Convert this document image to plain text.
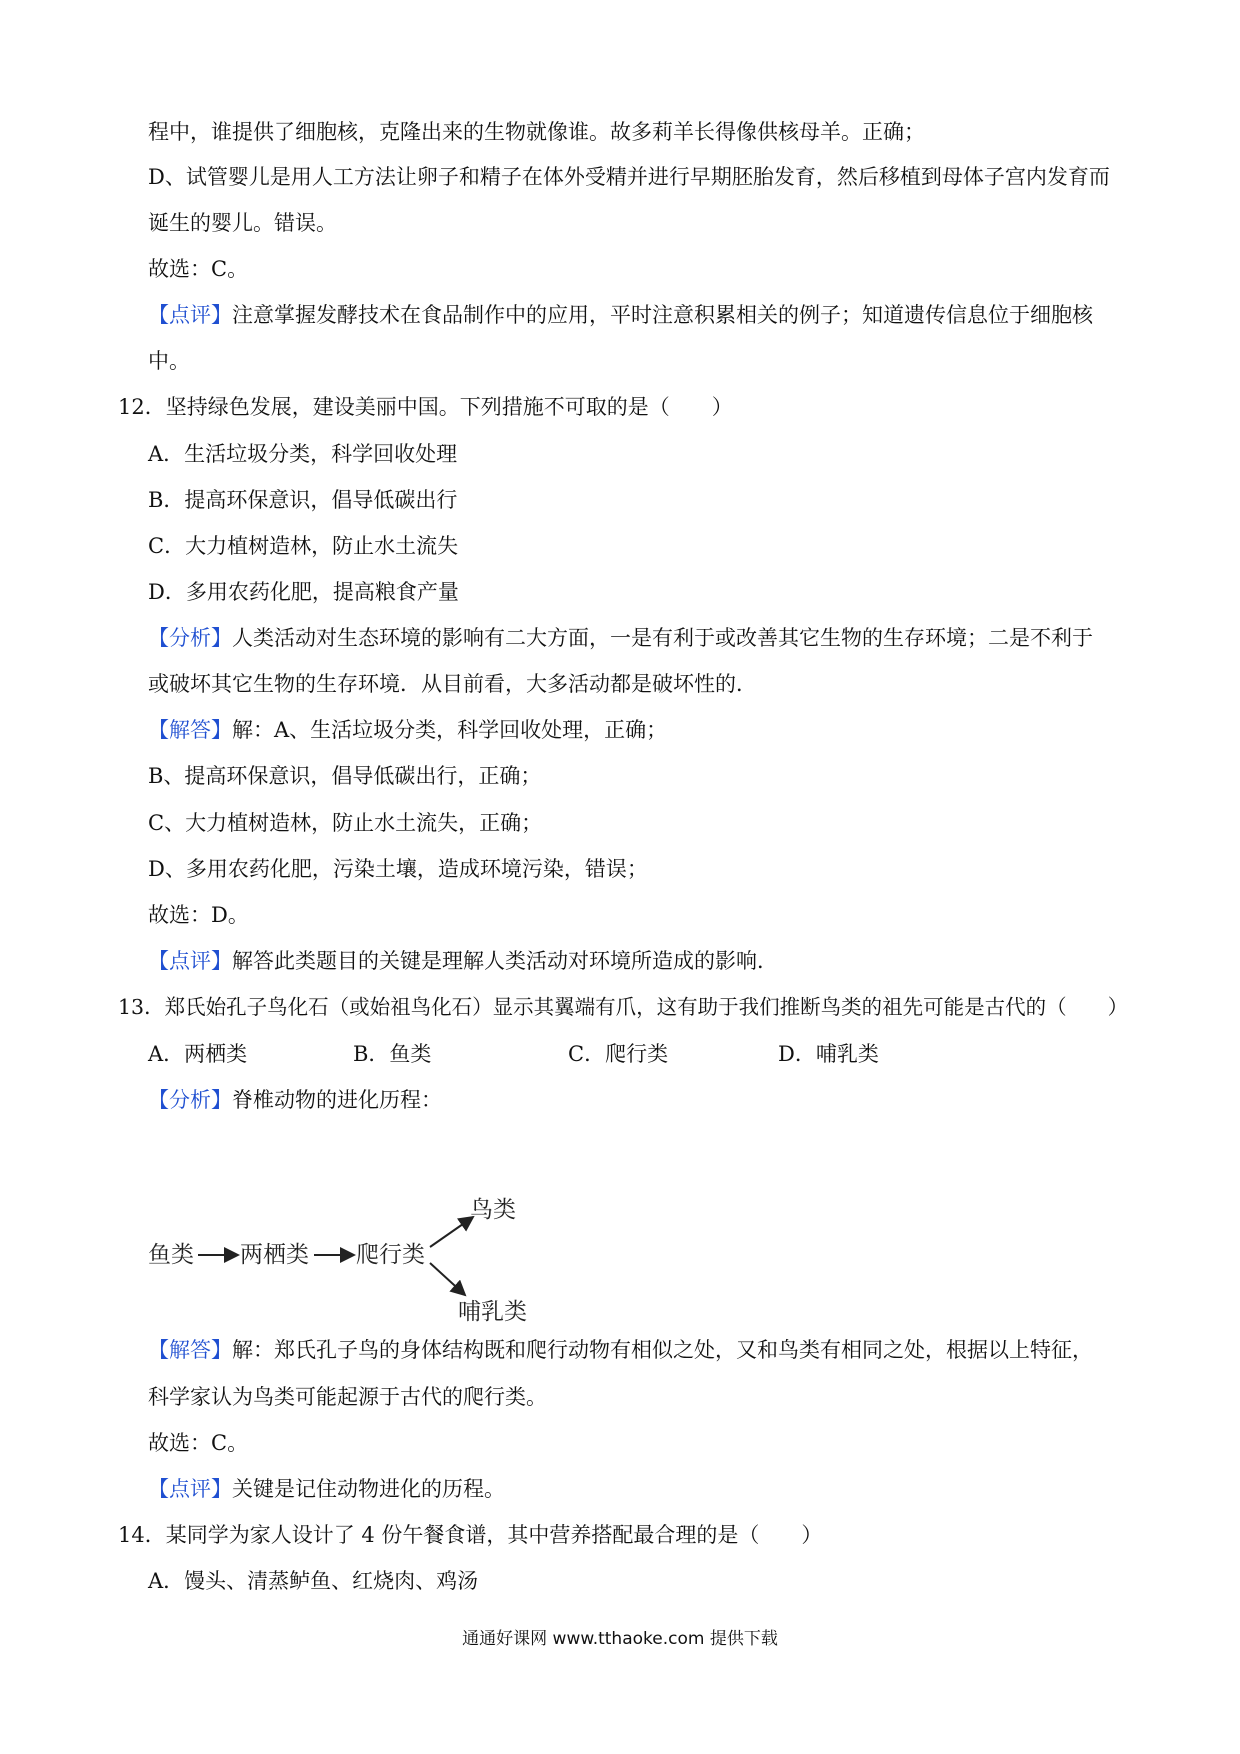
程中，谁提供了细胞核，克隆出来的生物就像谁。故多莉羊长得像供核母羊。正确；
D、试管婴儿是用人工方法让卵子和精子在体外受精并进行早期胚胎发育，然后移植到母体子宫内发育而
诞生的婴儿。错误。
故选：C。
【点评】注意掌握发酵技术在食品制作中的应用，平时注意积累相关的例子；知道遗传信息位于细胞核
中。
12．坚持绿色发展，建设美丽中国。下列措施不可取的是（　　）
A．生活垃圾分类，科学回收处理
B．提高环保意识，倡导低碳出行
C．大力植树造林，防止水土流失
D．多用农药化肥，提高粮食产量
【分析】人类活动对生态环境的影响有二大方面，一是有利于或改善其它生物的生存环境；二是不利于
或破坏其它生物的生存环境．从目前看，大多活动都是破坏性的．
【解答】解：A、生活垃圾分类，科学回收处理，正确；
B、提高环保意识，倡导低碳出行，正确；
C、大力植树造林，防止水土流失，正确；
D、多用农药化肥，污染土壤，造成环境污染，错误；
故选：D。
【点评】解答此类题目的关键是理解人类活动对环境所造成的影响．
13．郑氏始孔子鸟化石（或始祖鸟化石）显示其翼端有爪，这有助于我们推断鸟类的祖先可能是古代的（　　）
A．两栖类	B．鱼类	C．爬行类	D．哺乳类
【分析】脊椎动物的进化历程：
鱼类 两栖类 爬行类
鸟类
哺乳类
【解答】解：郑氏孔子鸟的身体结构既和爬行动物有相似之处，又和鸟类有相同之处，根据以上特征，
科学家认为鸟类可能起源于古代的爬行类。
故选：C。
【点评】关键是记住动物进化的历程。
14．某同学为家人设计了 4 份午餐食谱，其中营养搭配最合理的是（　　）
A．馒头、清蒸鲈鱼、红烧肉、鸡汤
通通好课网 www.tthaoke.com 提供下载
